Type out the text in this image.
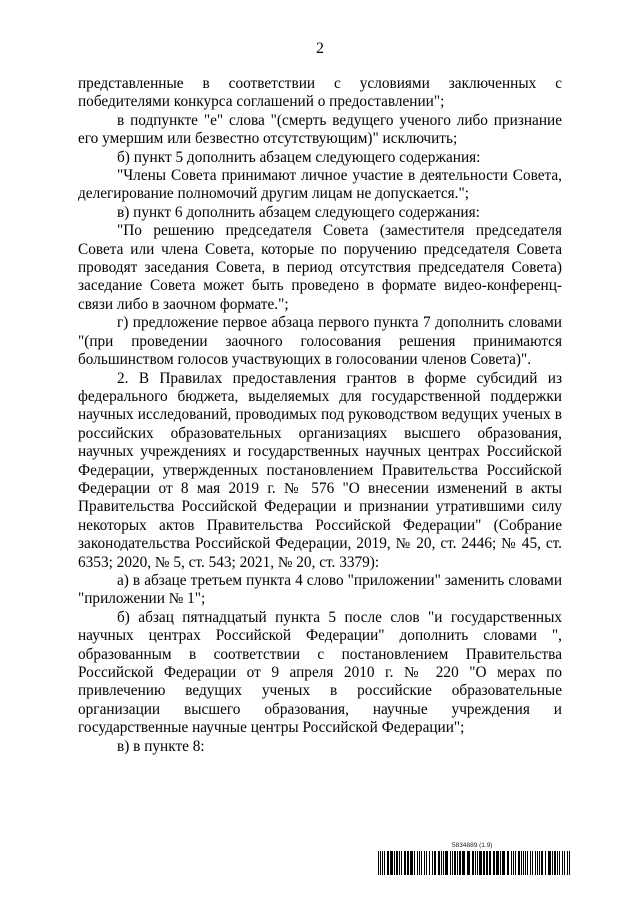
2

представленные в соответствии с условиями заключенных с победителями конкурса соглашений о предоставлении";

в подпункте "е" слова "(смерть ведущего ученого либо признание его умершим или безвестно отсутствующим)" исключить;

б) пункт 5 дополнить абзацем следующего содержания:

"Члены Совета принимают личное участие в деятельности Совета, делегирование полномочий другим лицам не допускается.";

в) пункт 6 дополнить абзацем следующего содержания:

"По решению председателя Совета (заместителя председателя Совета или члена Совета, которые по поручению председателя Совета проводят заседания Совета, в период отсутствия председателя Совета) заседание Совета может быть проведено в формате видео-конференц-связи либо в заочном формате.";

г) предложение первое абзаца первого пункта 7 дополнить словами "(при проведении заочного голосования решения принимаются большинством голосов участвующих в голосовании членов Совета)".

2. В Правилах предоставления грантов в форме субсидий из федерального бюджета, выделяемых для государственной поддержки научных исследований, проводимых под руководством ведущих ученых в российских образовательных организациях высшего образования, научных учреждениях и государственных научных центрах Российской Федерации, утвержденных постановлением Правительства Российской Федерации от 8 мая 2019 г. № 576 "О внесении изменений в акты Правительства Российской Федерации и признании утратившими силу некоторых актов Правительства Российской Федерации" (Собрание законодательства Российской Федерации, 2019, № 20, ст. 2446; № 45, ст. 6353; 2020, № 5, ст. 543; 2021, № 20, ст. 3379):

а) в абзаце третьем пункта 4 слово "приложении" заменить словами "приложении № 1";

б) абзац пятнадцатый пункта 5 после слов "и государственных научных центрах Российской Федерации" дополнить словами ", образованным в соответствии с постановлением Правительства Российской Федерации от 9 апреля 2010 г. № 220 "О мерах по привлечению ведущих ученых в российские образовательные организации высшего образования, научные учреждения и государственные научные центры Российской Федерации";

в) в пункте 8:

5834889 (1.9)
